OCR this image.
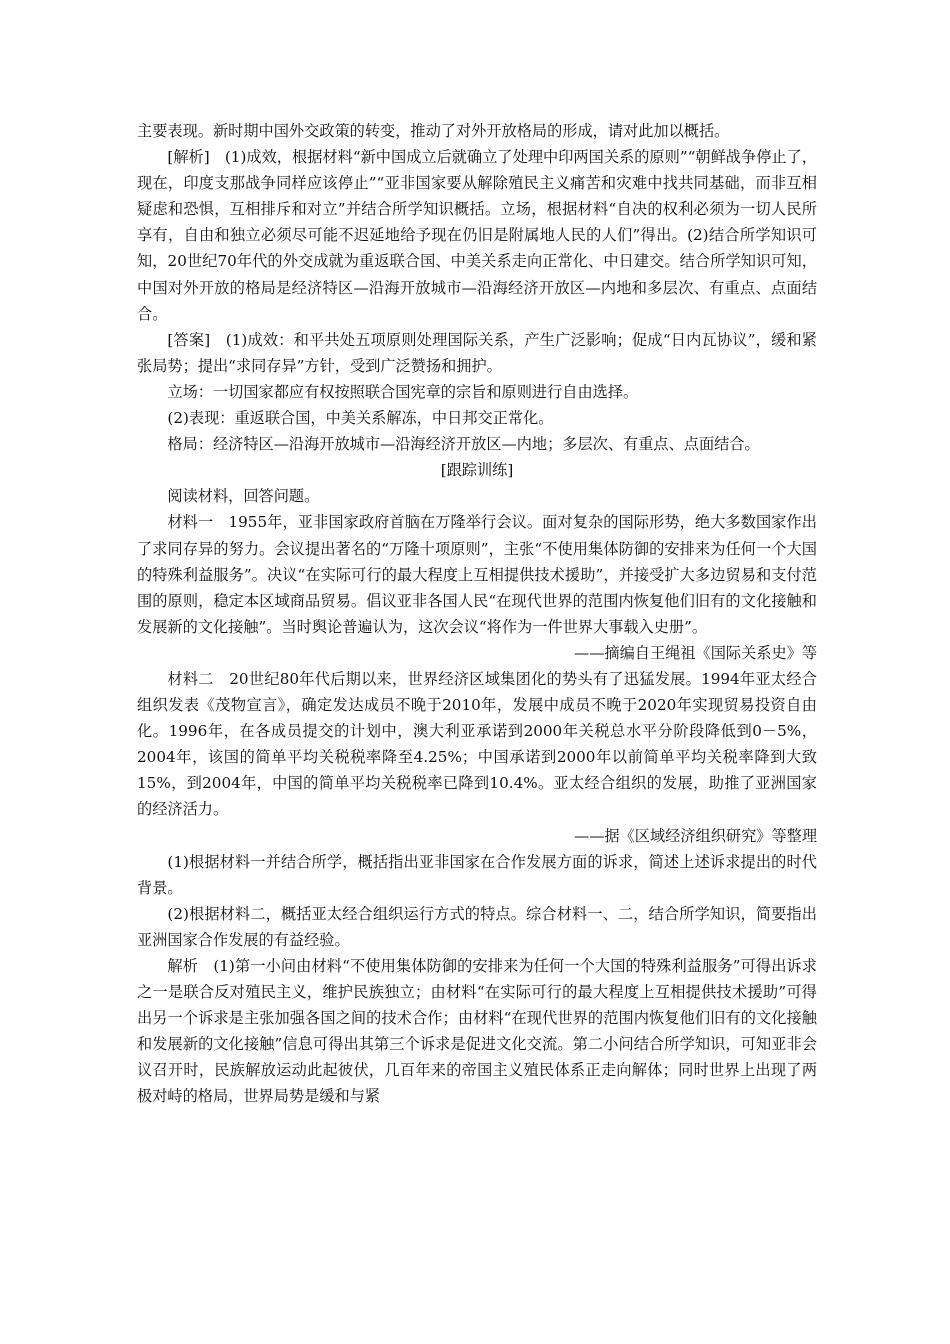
主要表现。新时期中国外交政策的转变，推动了对外开放格局的形成，请对此加以概括。

[解析]　(1)成效，根据材料“新中国成立后就确立了处理中印两国关系的原则”“朝鲜战争停止了，现在，印度支那战争同样应该停止”“亚非国家要从解除殖民主义痛苦和灾难中找共同基础，而非互相疑虑和恐惧，互相排斥和对立”并结合所学知识概括。立场，根据材料“自决的权利必须为一切人民所享有，自由和独立必须尽可能不迟延地给予现在仍旧是附属地人民的人们”得出。(2)结合所学知识可知，20世纪70年代的外交成就为重返联合国、中美关系走向正常化、中日建交。结合所学知识可知，中国对外开放的格局是经济特区—沿海开放城市—沿海经济开放区—内地和多层次、有重点、点面结合。

[答案]　(1)成效：和平共处五项原则处理国际关系，产生广泛影响；促成“日内瓦协议”，缓和紧张局势；提出“求同存异”方针，受到广泛赞扬和拥护。

立场：一切国家都应有权按照联合国宪章的宗旨和原则进行自由选择。

(2)表现：重返联合国，中美关系解冻，中日邦交正常化。

格局：经济特区—沿海开放城市—沿海经济开放区—内地；多层次、有重点、点面结合。

[跟踪训练]

阅读材料，回答问题。

材料一　1955年，亚非国家政府首脑在万隆举行会议。面对复杂的国际形势，绝大多数国家作出了求同存异的努力。会议提出著名的“万隆十项原则”，主张“不使用集体防御的安排来为任何一个大国的特殊利益服务”。决议“在实际可行的最大程度上互相提供技术援助”，并接受扩大多边贸易和支付范围的原则，稳定本区域商品贸易。倡议亚非各国人民“在现代世界的范围内恢复他们旧有的文化接触和发展新的文化接触”。当时舆论普遍认为，这次会议“将作为一件世界大事载入史册”。

——摘编自王绳祖《国际关系史》等

材料二　20世纪80年代后期以来，世界经济区域集团化的势头有了迅猛发展。1994年亚太经合组织发表《茂物宣言》，确定发达成员不晚于2010年，发展中成员不晚于2020年实现贸易投资自由化。1996年，在各成员提交的计划中，澳大利亚承诺到2000年关税总水平分阶段降低到0－5%，2004年，该国的简单平均关税税率降至4.25%；中国承诺到2000年以前简单平均关税率降到大致15%，到2004年，中国的简单平均关税税率已降到10.4%。亚太经合组织的发展，助推了亚洲国家的经济活力。

——据《区域经济组织研究》等整理

(1)根据材料一并结合所学，概括指出亚非国家在合作发展方面的诉求，简述上述诉求提出的时代背景。

(2)根据材料二，概括亚太经合组织运行方式的特点。综合材料一、二，结合所学知识，简要指出亚洲国家合作发展的有益经验。

解析　(1)第一小问由材料“不使用集体防御的安排来为任何一个大国的特殊利益服务”可得出诉求之一是联合反对殖民主义，维护民族独立；由材料“在实际可行的最大程度上互相提供技术援助”可得出另一个诉求是主张加强各国之间的技术合作；由材料“在现代世界的范围内恢复他们旧有的文化接触和发展新的文化接触”信息可得出其第三个诉求是促进文化交流。第二小问结合所学知识，可知亚非会议召开时，民族解放运动此起彼伏，几百年来的帝国主义殖民体系正走向解体；同时世界上出现了两极对峙的格局，世界局势是缓和与紧
